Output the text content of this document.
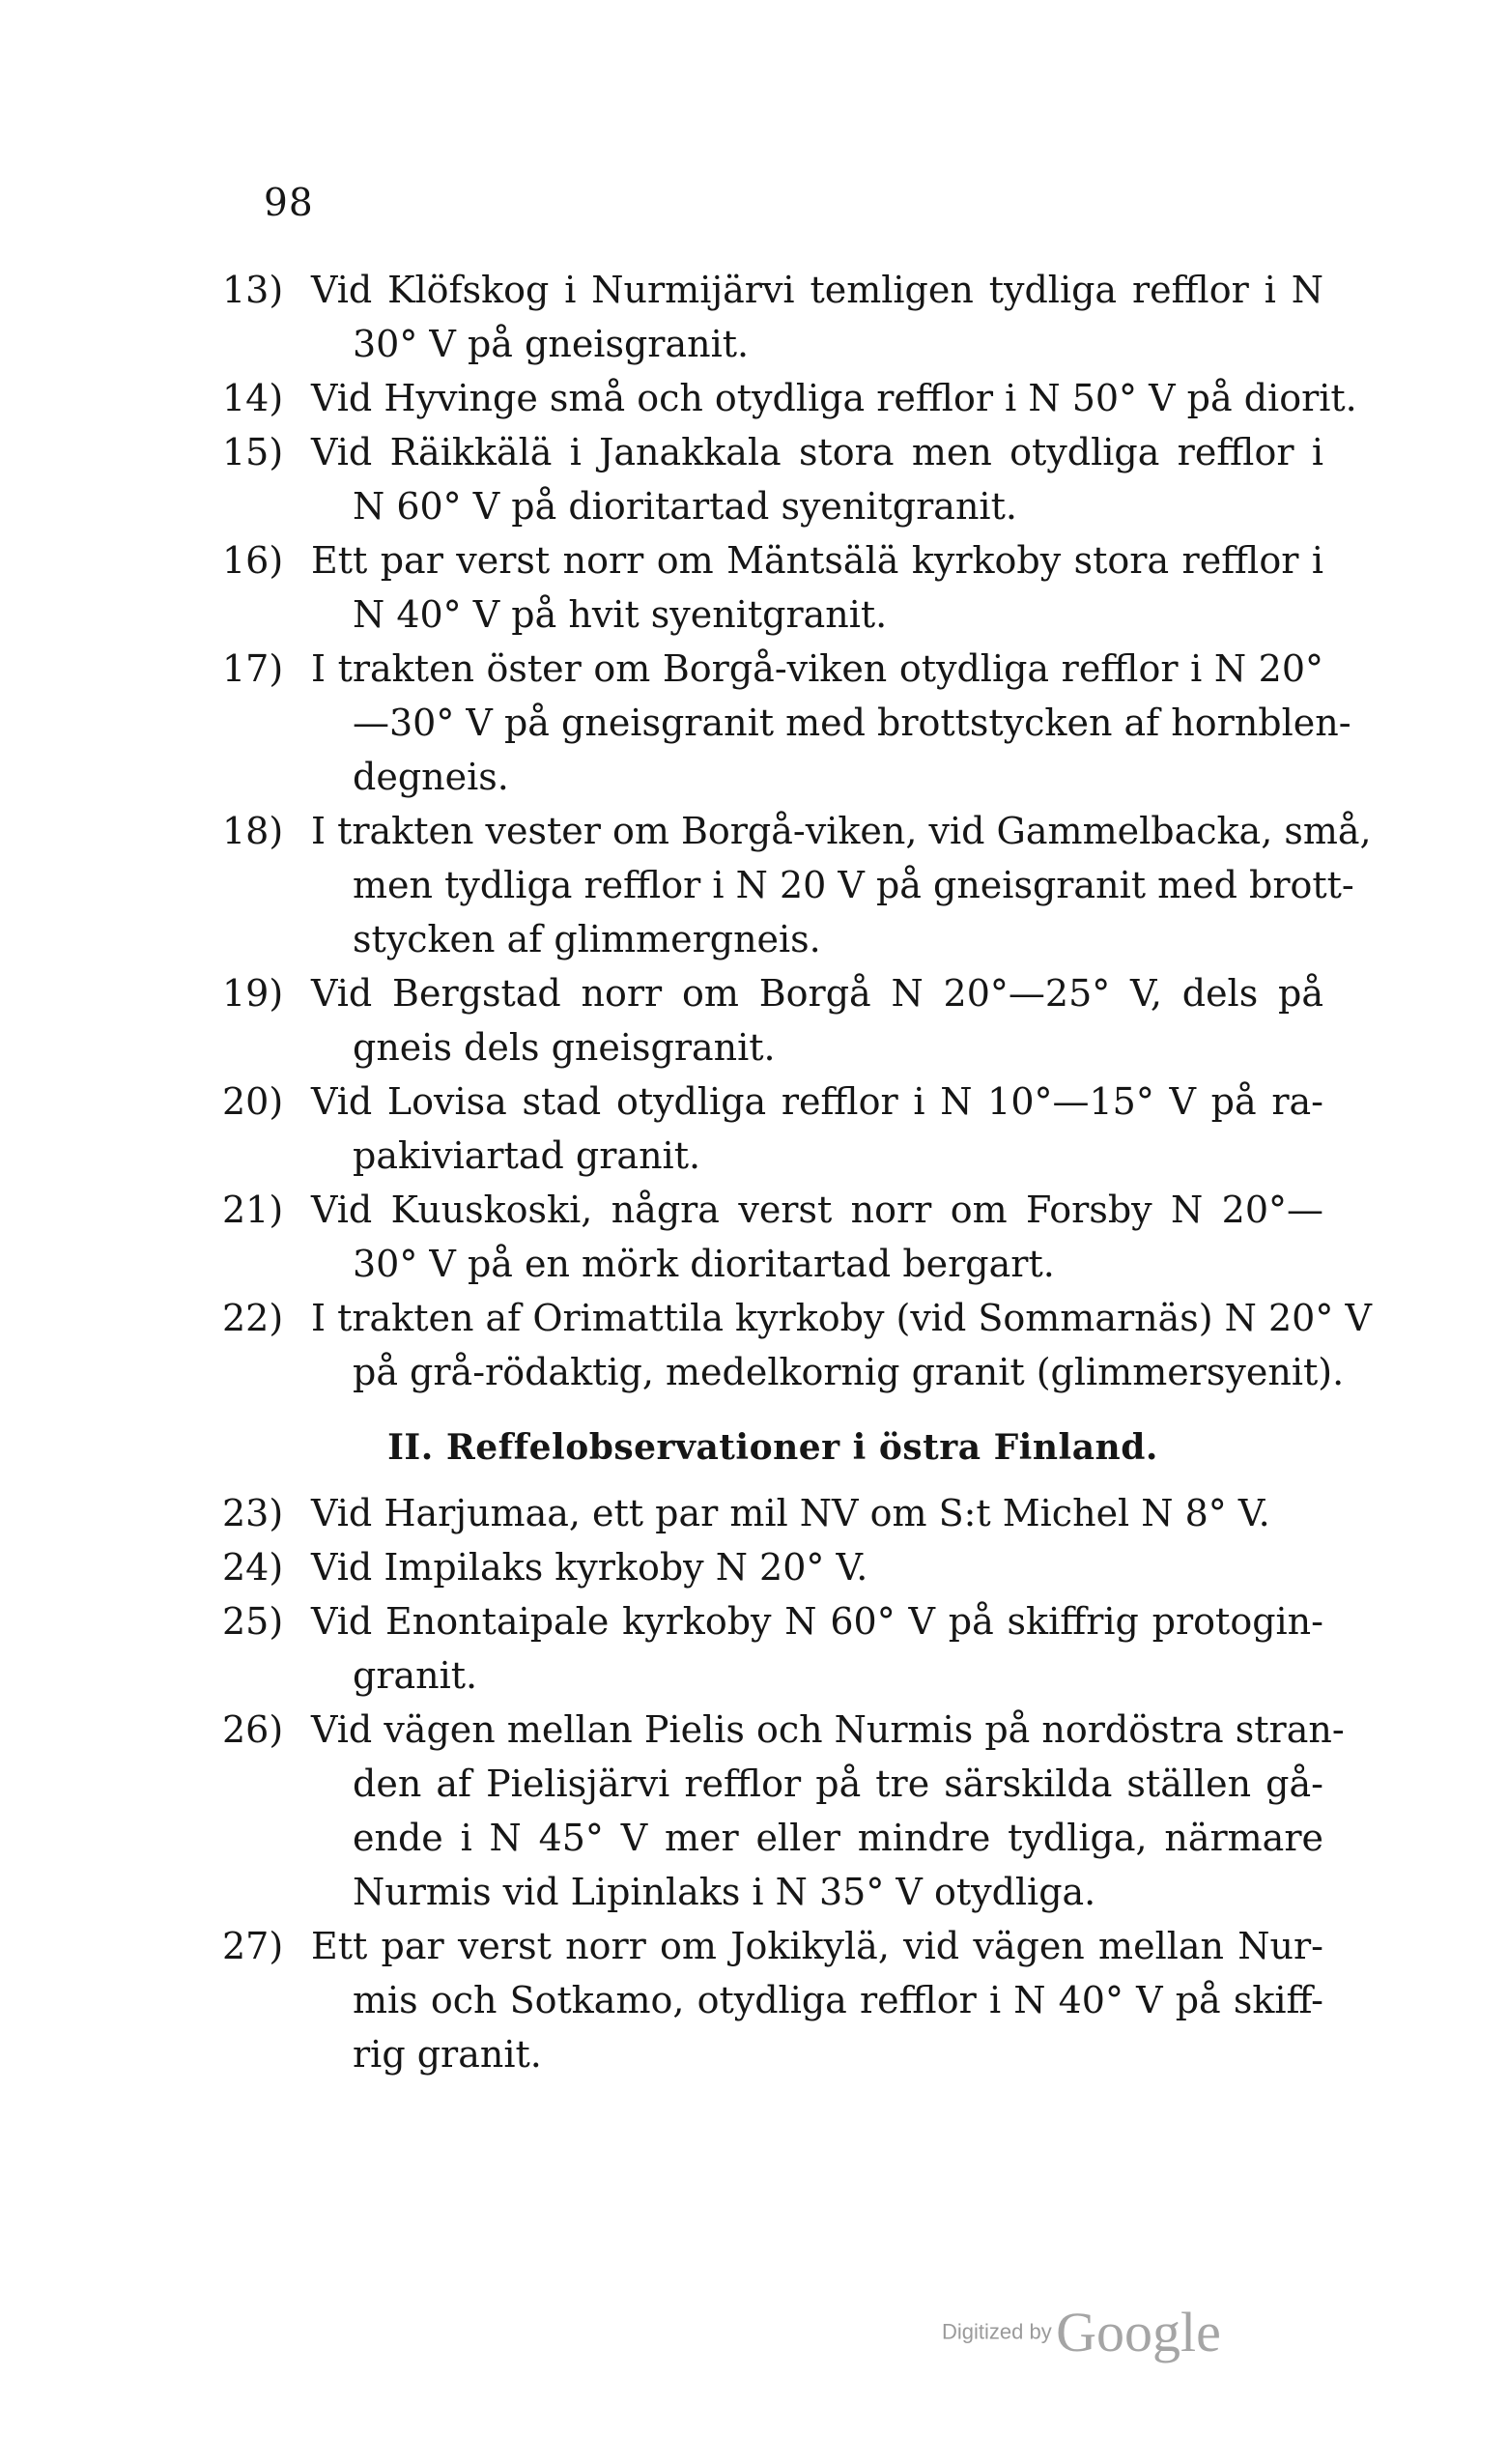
98
13) Vid Klöfskog i Nurmijärvi temligen tydliga refflor i N
30° V på gneisgranit.
14) Vid Hyvinge små och otydliga refflor i N 50° V på diorit.
15) Vid Räikkälä i Janakkala stora men otydliga refflor i
N 60° V på dioritartad syenitgranit.
16) Ett par verst norr om Mäntsälä kyrkoby stora refflor i
N 40° V på hvit syenitgranit.
17) I trakten öster om Borgå-viken otydliga refflor i N 20°
—30° V på gneisgranit med brottstycken af hornblen-
degneis.
18) I trakten vester om Borgå-viken, vid Gammelbacka, små,
men tydliga refflor i N 20 V på gneisgranit med brott-
stycken af glimmergneis.
19) Vid Bergstad norr om Borgå N 20°—25° V, dels på
gneis dels gneisgranit.
20) Vid Lovisa stad otydliga refflor i N 10°—15° V på ra-
pakiviartad granit.
21) Vid Kuuskoski, några verst norr om Forsby N 20°—
30° V på en mörk dioritartad bergart.
22) I trakten af Orimattila kyrkoby (vid Sommarnäs) N 20° V
på grå-rödaktig, medelkornig granit (glimmersyenit).
II. Reffelobservationer i östra Finland.
23) Vid Harjumaa, ett par mil NV om S:t Michel N 8° V.
24) Vid Impilaks kyrkoby N 20° V.
25) Vid Enontaipale kyrkoby N 60° V på skiffrig protogin-
granit.
26) Vid vägen mellan Pielis och Nurmis på nordöstra stran-
den af Pielisjärvi refflor på tre särskilda ställen gå-
ende i N 45° V mer eller mindre tydliga, närmare
Nurmis vid Lipinlaks i N 35° V otydliga.
27) Ett par verst norr om Jokikylä, vid vägen mellan Nur-
mis och Sotkamo, otydliga refflor i N 40° V på skiff-
rig granit.
Digitized by Google
